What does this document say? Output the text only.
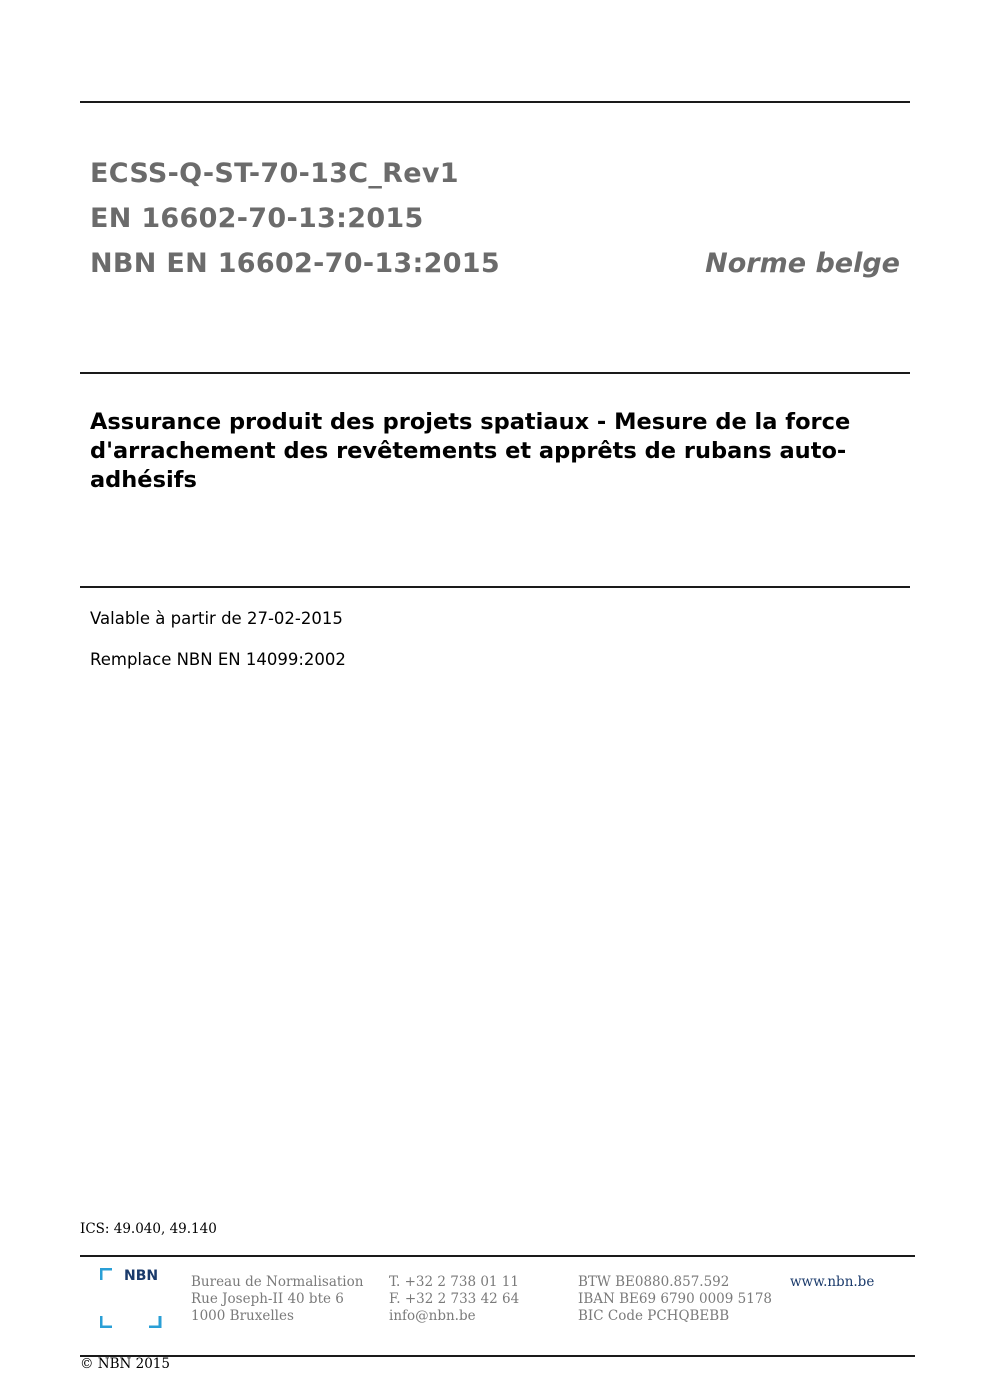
ECSS-Q-ST-70-13C_Rev1
EN 16602-70-13:2015
NBN EN 16602-70-13:2015	Norme belge
Assurance produit des projets spatiaux - Mesure de la force d'arrachement des revêtements et apprêts de rubans auto-adhésifs
Valable à partir de 27-02-2015
Remplace NBN EN 14099:2002
ICS: 49.040, 49.140
NBN Bureau de Normalisation
Rue Joseph-II 40 bte 6
1000 Bruxelles
T. +32 2 738 01 11
F. +32 2 733 42 64
info@nbn.be
BTW BE0880.857.592
IBAN BE69 6790 0009 5178
BIC Code PCHQBEBB
www.nbn.be
© NBN 2015
